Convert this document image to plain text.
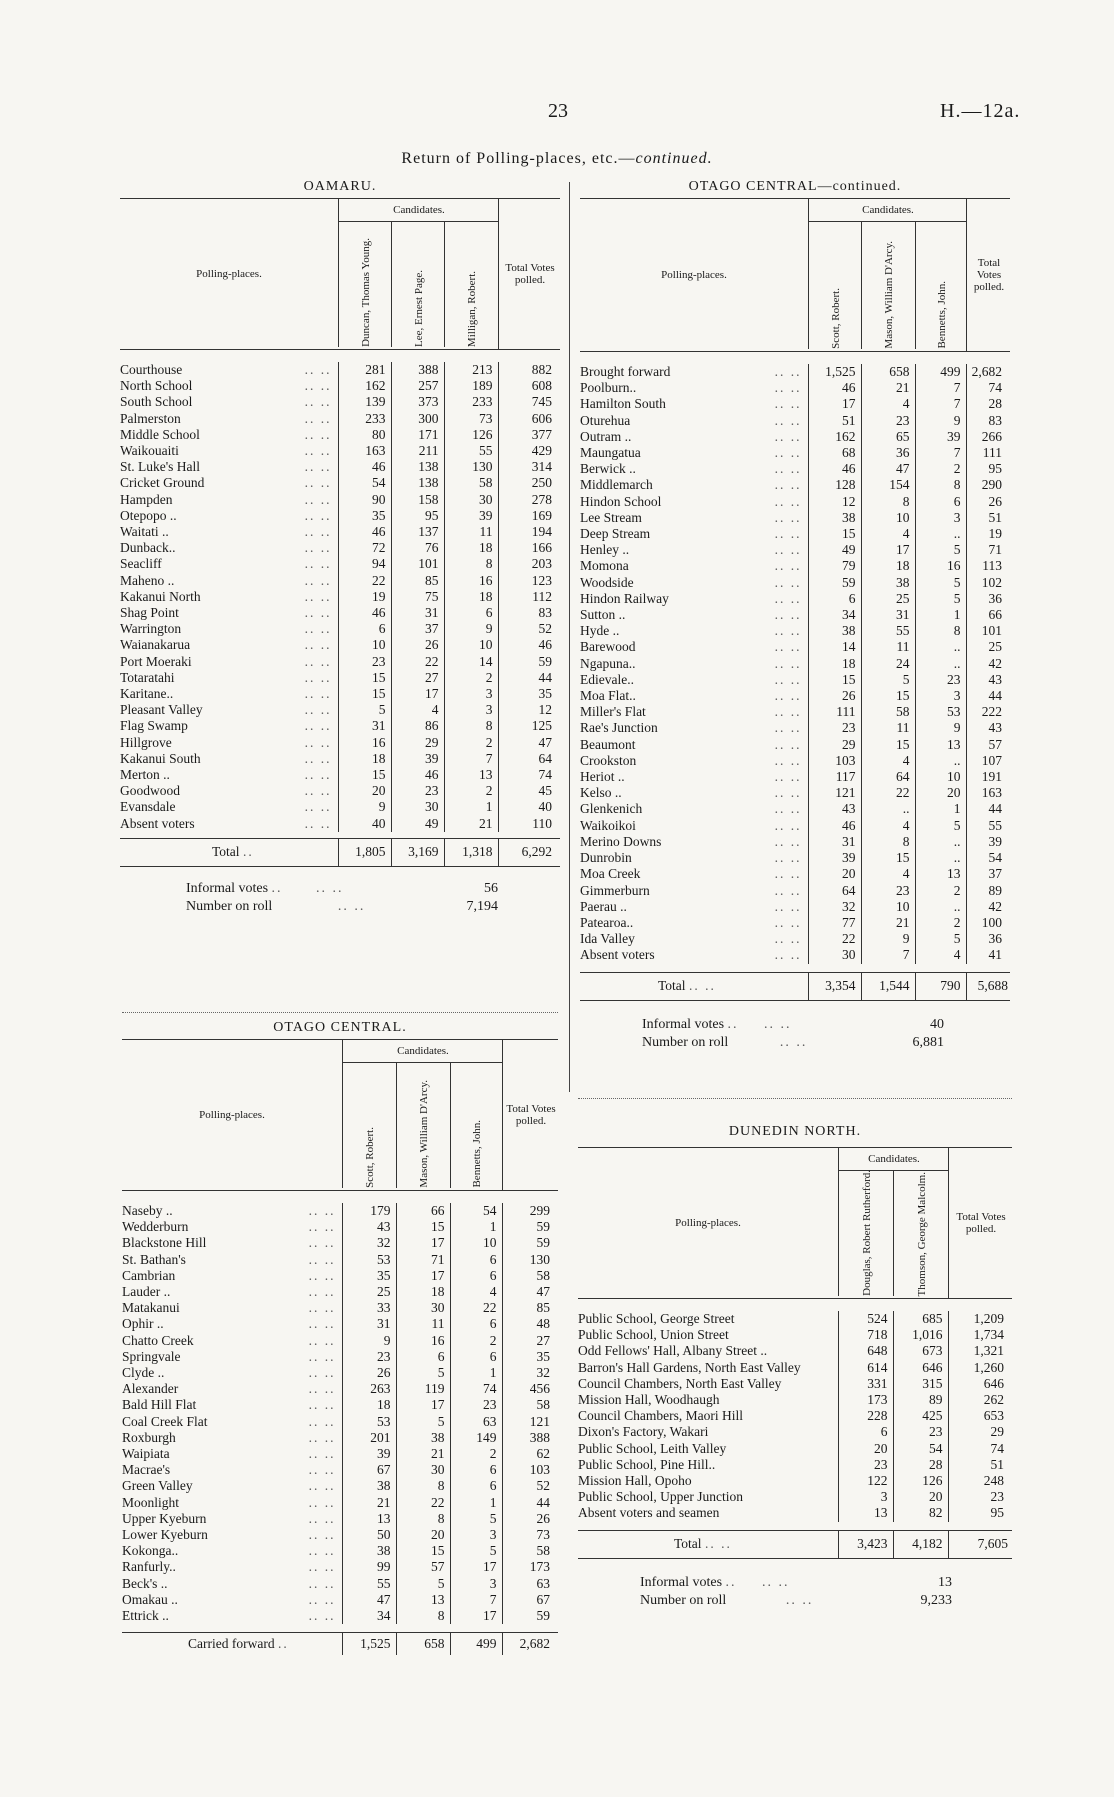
23	H.—12a.
Return of Polling-places, etc.—continued.
OAMARU.
Polling-places.
Candidates.
Duncan, Thomas Young.	Lee, Ernest Page.	Milligan, Robert.
Total Votes polled.
Courthouse .. ..	281	388	213	882
North School .. ..	162	257	189	608
South School .. ..	139	373	233	745
Palmerston .. ..	233	300	73	606
Middle School .. ..	80	171	126	377
Waikouaiti .. ..	163	211	55	429
St. Luke's Hall .. ..	46	138	130	314
Cricket Ground .. ..	54	138	58	250
Hampden .. ..	90	158	30	278
Otepopo .. .. ..	35	95	39	169
Waitati .. .. ..	46	137	11	194
Dunback.. .. ..	72	76	18	166
Seacliff .. ..	94	101	8	203
Maheno .. .. ..	22	85	16	123
Kakanui North .. ..	19	75	18	112
Shag Point .. ..	46	31	6	83
Warrington .. ..	6	37	9	52
Waianakarua .. ..	10	26	10	46
Port Moeraki .. ..	23	22	14	59
Totaratahi .. ..	15	27	2	44
Karitane.. .. ..	15	17	3	35
Pleasant Valley .. ..	5	4	3	12
Flag Swamp .. ..	31	86	8	125
Hillgrove .. ..	16	29	2	47
Kakanui South .. ..	18	39	7	64
Merton .. .. ..	15	46	13	74
Goodwood .. ..	20	23	2	45
Evansdale .. ..	9	30	1	40
Absent voters .. ..	40	49	21	110
Total ..	1,805	3,169	1,318	6,292
Informal votes .. .. ..	56
Number on roll .. ..	7,194
OTAGO CENTRAL.
Polling-places.
Candidates.
Scott, Robert.	Mason, William D'Arcy.	Bennetts, John.
Total Votes polled.
Naseby .. .. ..	179	66	54	299
Wedderburn .. ..	43	15	1	59
Blackstone Hill .. ..	32	17	10	59
St. Bathan's .. ..	53	71	6	130
Cambrian .. ..	35	17	6	58
Lauder .. .. ..	25	18	4	47
Matakanui .. ..	33	30	22	85
Ophir .. .. ..	31	11	6	48
Chatto Creek .. ..	9	16	2	27
Springvale .. ..	23	6	6	35
Clyde .. .. ..	26	5	1	32
Alexander .. ..	263	119	74	456
Bald Hill Flat .. ..	18	17	23	58
Coal Creek Flat .. ..	53	5	63	121
Roxburgh .. ..	201	38	149	388
Waipiata .. ..	39	21	2	62
Macrae's .. ..	67	30	6	103
Green Valley .. ..	38	8	6	52
Moonlight .. ..	21	22	1	44
Upper Kyeburn .. ..	13	8	5	26
Lower Kyeburn .. ..	50	20	3	73
Kokonga.. .. ..	38	15	5	58
Ranfurly.. .. ..	99	57	17	173
Beck's .. .. ..	55	5	3	63
Omakau .. .. ..	47	13	7	67
Ettrick .. .. ..	34	8	17	59
Carried forward ..	1,525	658	499	2,682
OTAGO CENTRAL—continued.
Polling-places.
Candidates.
Scott, Robert.	Mason, William D'Arcy.	Bennetts, John.
Total Votes polled.
Brought forward .. ..	1,525	658	499	2,682
Poolburn.. .. ..	46	21	7	74
Hamilton South .. ..	17	4	7	28
Oturehua .. ..	51	23	9	83
Outram .. .. ..	162	65	39	266
Maungatua .. ..	68	36	7	111
Berwick .. .. ..	46	47	2	95
Middlemarch .. ..	128	154	8	290
Hindon School .. ..	12	8	6	26
Lee Stream .. ..	38	10	3	51
Deep Stream .. ..	15	4	..	19
Henley .. .. ..	49	17	5	71
Momona .. ..	79	18	16	113
Woodside .. ..	59	38	5	102
Hindon Railway .. ..	6	25	5	36
Sutton .. .. ..	34	31	1	66
Hyde .. .. ..	38	55	8	101
Barewood .. ..	14	11	..	25
Ngapuna.. .. ..	18	24	..	42
Edievale.. .. ..	15	5	23	43
Moa Flat.. .. ..	26	15	3	44
Miller's Flat .. ..	111	58	53	222
Rae's Junction .. ..	23	11	9	43
Beaumont .. ..	29	15	13	57
Crookston .. ..	103	4	..	107
Heriot .. .. ..	117	64	10	191
Kelso .. .. ..	121	22	20	163
Glenkenich .. ..	43	..	1	44
Waikoikoi .. ..	46	4	5	55
Merino Downs .. ..	31	8	..	39
Dunrobin .. ..	39	15	..	54
Moa Creek .. ..	20	4	13	37
Gimmerburn .. ..	64	23	2	89
Paerau .. .. ..	32	10	..	42
Patearoa.. .. ..	77	21	2	100
Ida Valley .. ..	22	9	5	36
Absent voters .. ..	30	7	4	41
Total .. ..	3,354	1,544	790	5,688
Informal votes .. .. ..	40
Number on roll .. ..	6,881
DUNEDIN NORTH.
Polling-places.
Candidates.
Douglas, Robert Rutherford.	Thomson, George Malcolm.	Total Votes polled.
Public School, George Street	524	685	1,209
Public School, Union Street	718	1,016	1,734
Odd Fellows' Hall, Albany Street ..	648	673	1,321
Barron's Hall Gardens, North East Valley	614	646	1,260
Council Chambers, North East Valley	331	315	646
Mission Hall, Woodhaugh	173	89	262
Council Chambers, Maori Hill	228	425	653
Dixon's Factory, Wakari	6	23	29
Public School, Leith Valley	20	54	74
Public School, Pine Hill..	23	28	51
Mission Hall, Opoho	122	126	248
Public School, Upper Junction	3	20	23
Absent voters and seamen	13	82	95
Total .. ..	3,423	4,182	7,605
Informal votes .. .. ..	13
Number on roll .. ..	9,233
